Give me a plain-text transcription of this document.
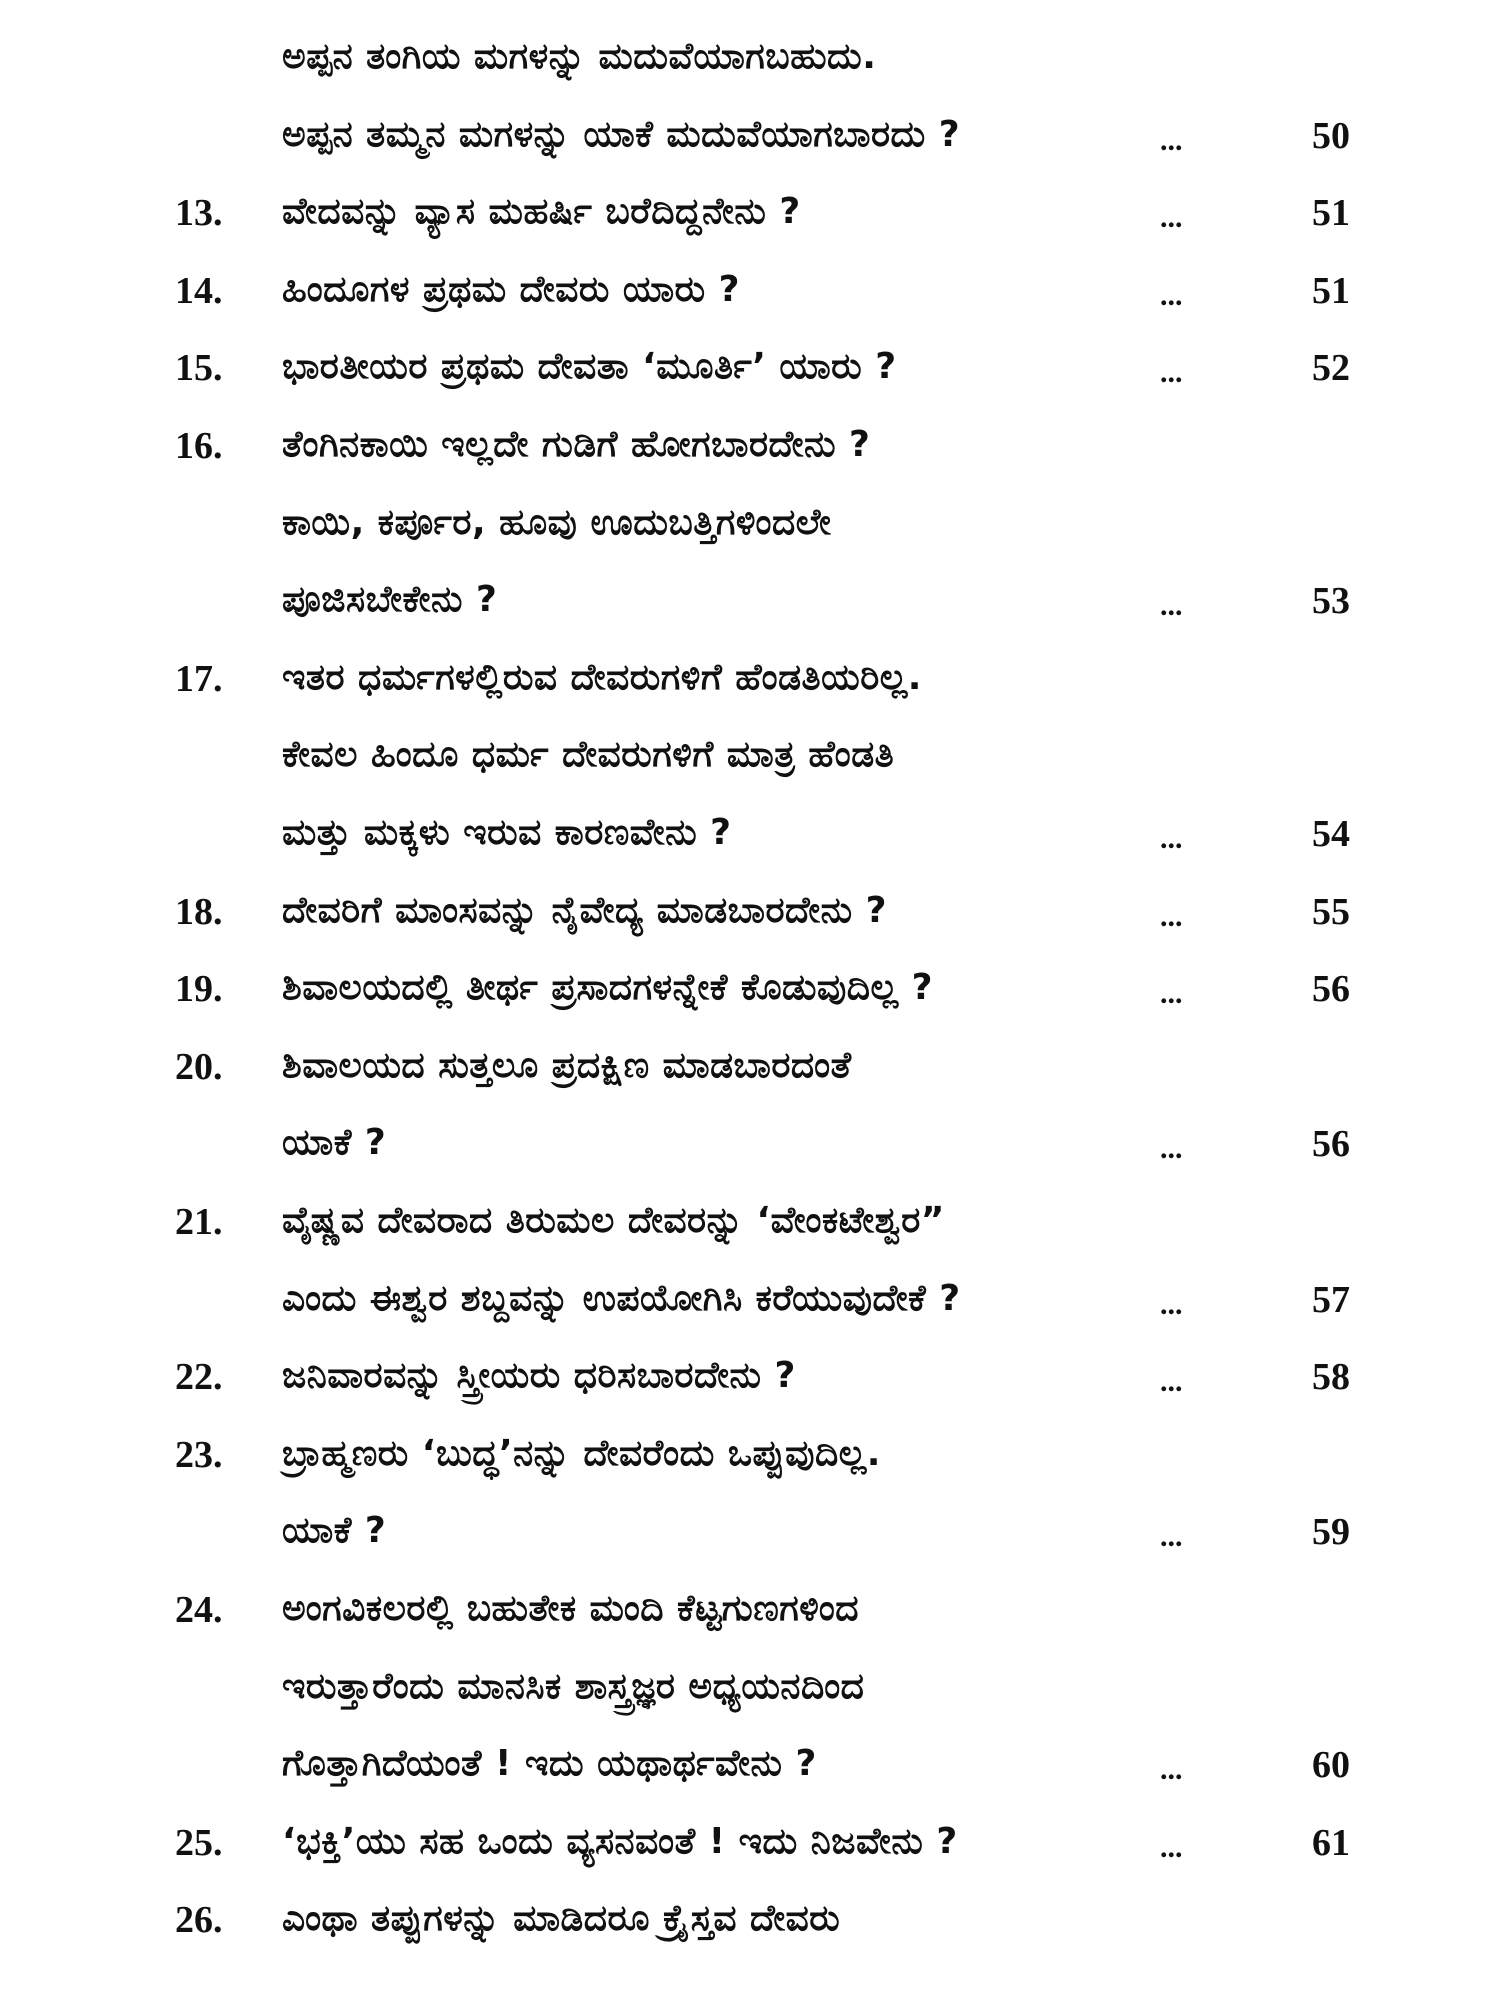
ಅಪ್ಪನ ತಂಗಿಯ ಮಗಳನ್ನು ಮದುವೆಯಾಗಬಹುದು.
ಅಪ್ಪನ ತಮ್ಮನ ಮಗಳನ್ನು ಯಾಕೆ ಮದುವೆಯಾಗಬಾರದು ?	...	50
13. ವೇದವನ್ನು ವ್ಯಾಸ ಮಹರ್ಷಿ ಬರೆದಿದ್ದನೇನು ?	...	51
14. ಹಿಂದೂಗಳ ಪ್ರಥಮ ದೇವರು ಯಾರು ?	...	51
15. ಭಾರತೀಯರ ಪ್ರಥಮ ದೇವತಾ ‘ಮೂರ್ತಿ’ ಯಾರು ?	...	52
16. ತೆಂಗಿನಕಾಯಿ ಇಲ್ಲದೇ ಗುಡಿಗೆ ಹೋಗಬಾರದೇನು ?
ಕಾಯಿ, ಕರ್ಪೂರ, ಹೂವು ಊದುಬತ್ತಿಗಳಿಂದಲೇ
ಪೂಜಿಸಬೇಕೇನು ?	...	53
17. ಇತರ ಧರ್ಮಗಳಲ್ಲಿರುವ ದೇವರುಗಳಿಗೆ ಹೆಂಡತಿಯರಿಲ್ಲ.
ಕೇವಲ ಹಿಂದೂ ಧರ್ಮ ದೇವರುಗಳಿಗೆ ಮಾತ್ರ ಹೆಂಡತಿ
ಮತ್ತು ಮಕ್ಕಳು ಇರುವ ಕಾರಣವೇನು ?	...	54
18. ದೇವರಿಗೆ ಮಾಂಸವನ್ನು ನೈವೇದ್ಯ ಮಾಡಬಾರದೇನು ?	...	55
19. ಶಿವಾಲಯದಲ್ಲಿ ತೀರ್ಥ ಪ್ರಸಾದಗಳನ್ನೇಕೆ ಕೊಡುವುದಿಲ್ಲ ?	...	56
20. ಶಿವಾಲಯದ ಸುತ್ತಲೂ ಪ್ರದಕ್ಷಿಣ ಮಾಡಬಾರದಂತೆ
ಯಾಕೆ ?	...	56
21. ವೈಷ್ಣವ ದೇವರಾದ ತಿರುಮಲ ದೇವರನ್ನು ‘ವೇಂಕಟೇಶ್ವರ”
ಎಂದು ಈಶ್ವರ ಶಬ್ದವನ್ನು ಉಪಯೋಗಿಸಿ ಕರೆಯುವುದೇಕೆ ?	...	57
22. ಜನಿವಾರವನ್ನು ಸ್ತ್ರೀಯರು ಧರಿಸಬಾರದೇನು ?	...	58
23. ಬ್ರಾಹ್ಮಣರು ‘ಬುದ್ಧ’ನನ್ನು ದೇವರೆಂದು ಒಪ್ಪುವುದಿಲ್ಲ.
ಯಾಕೆ ?	...	59
24. ಅಂಗವಿಕಲರಲ್ಲಿ ಬಹುತೇಕ ಮಂದಿ ಕೆಟ್ಟಗುಣಗಳಿಂದ
ಇರುತ್ತಾರೆಂದು ಮಾನಸಿಕ ಶಾಸ್ತ್ರಜ್ಞರ ಅಧ್ಯಯನದಿಂದ
ಗೊತ್ತಾಗಿದೆಯಂತೆ ! ಇದು ಯಥಾರ್ಥವೇನು ?	...	60
25. ‘ಭಕ್ತಿ’ಯು ಸಹ ಒಂದು ವ್ಯಸನವಂತೆ ! ಇದು ನಿಜವೇನು ?	...	61
26. ಎಂಥಾ ತಪ್ಪುಗಳನ್ನು ಮಾಡಿದರೂ ಕ್ರೈಸ್ತವ ದೇವರು
